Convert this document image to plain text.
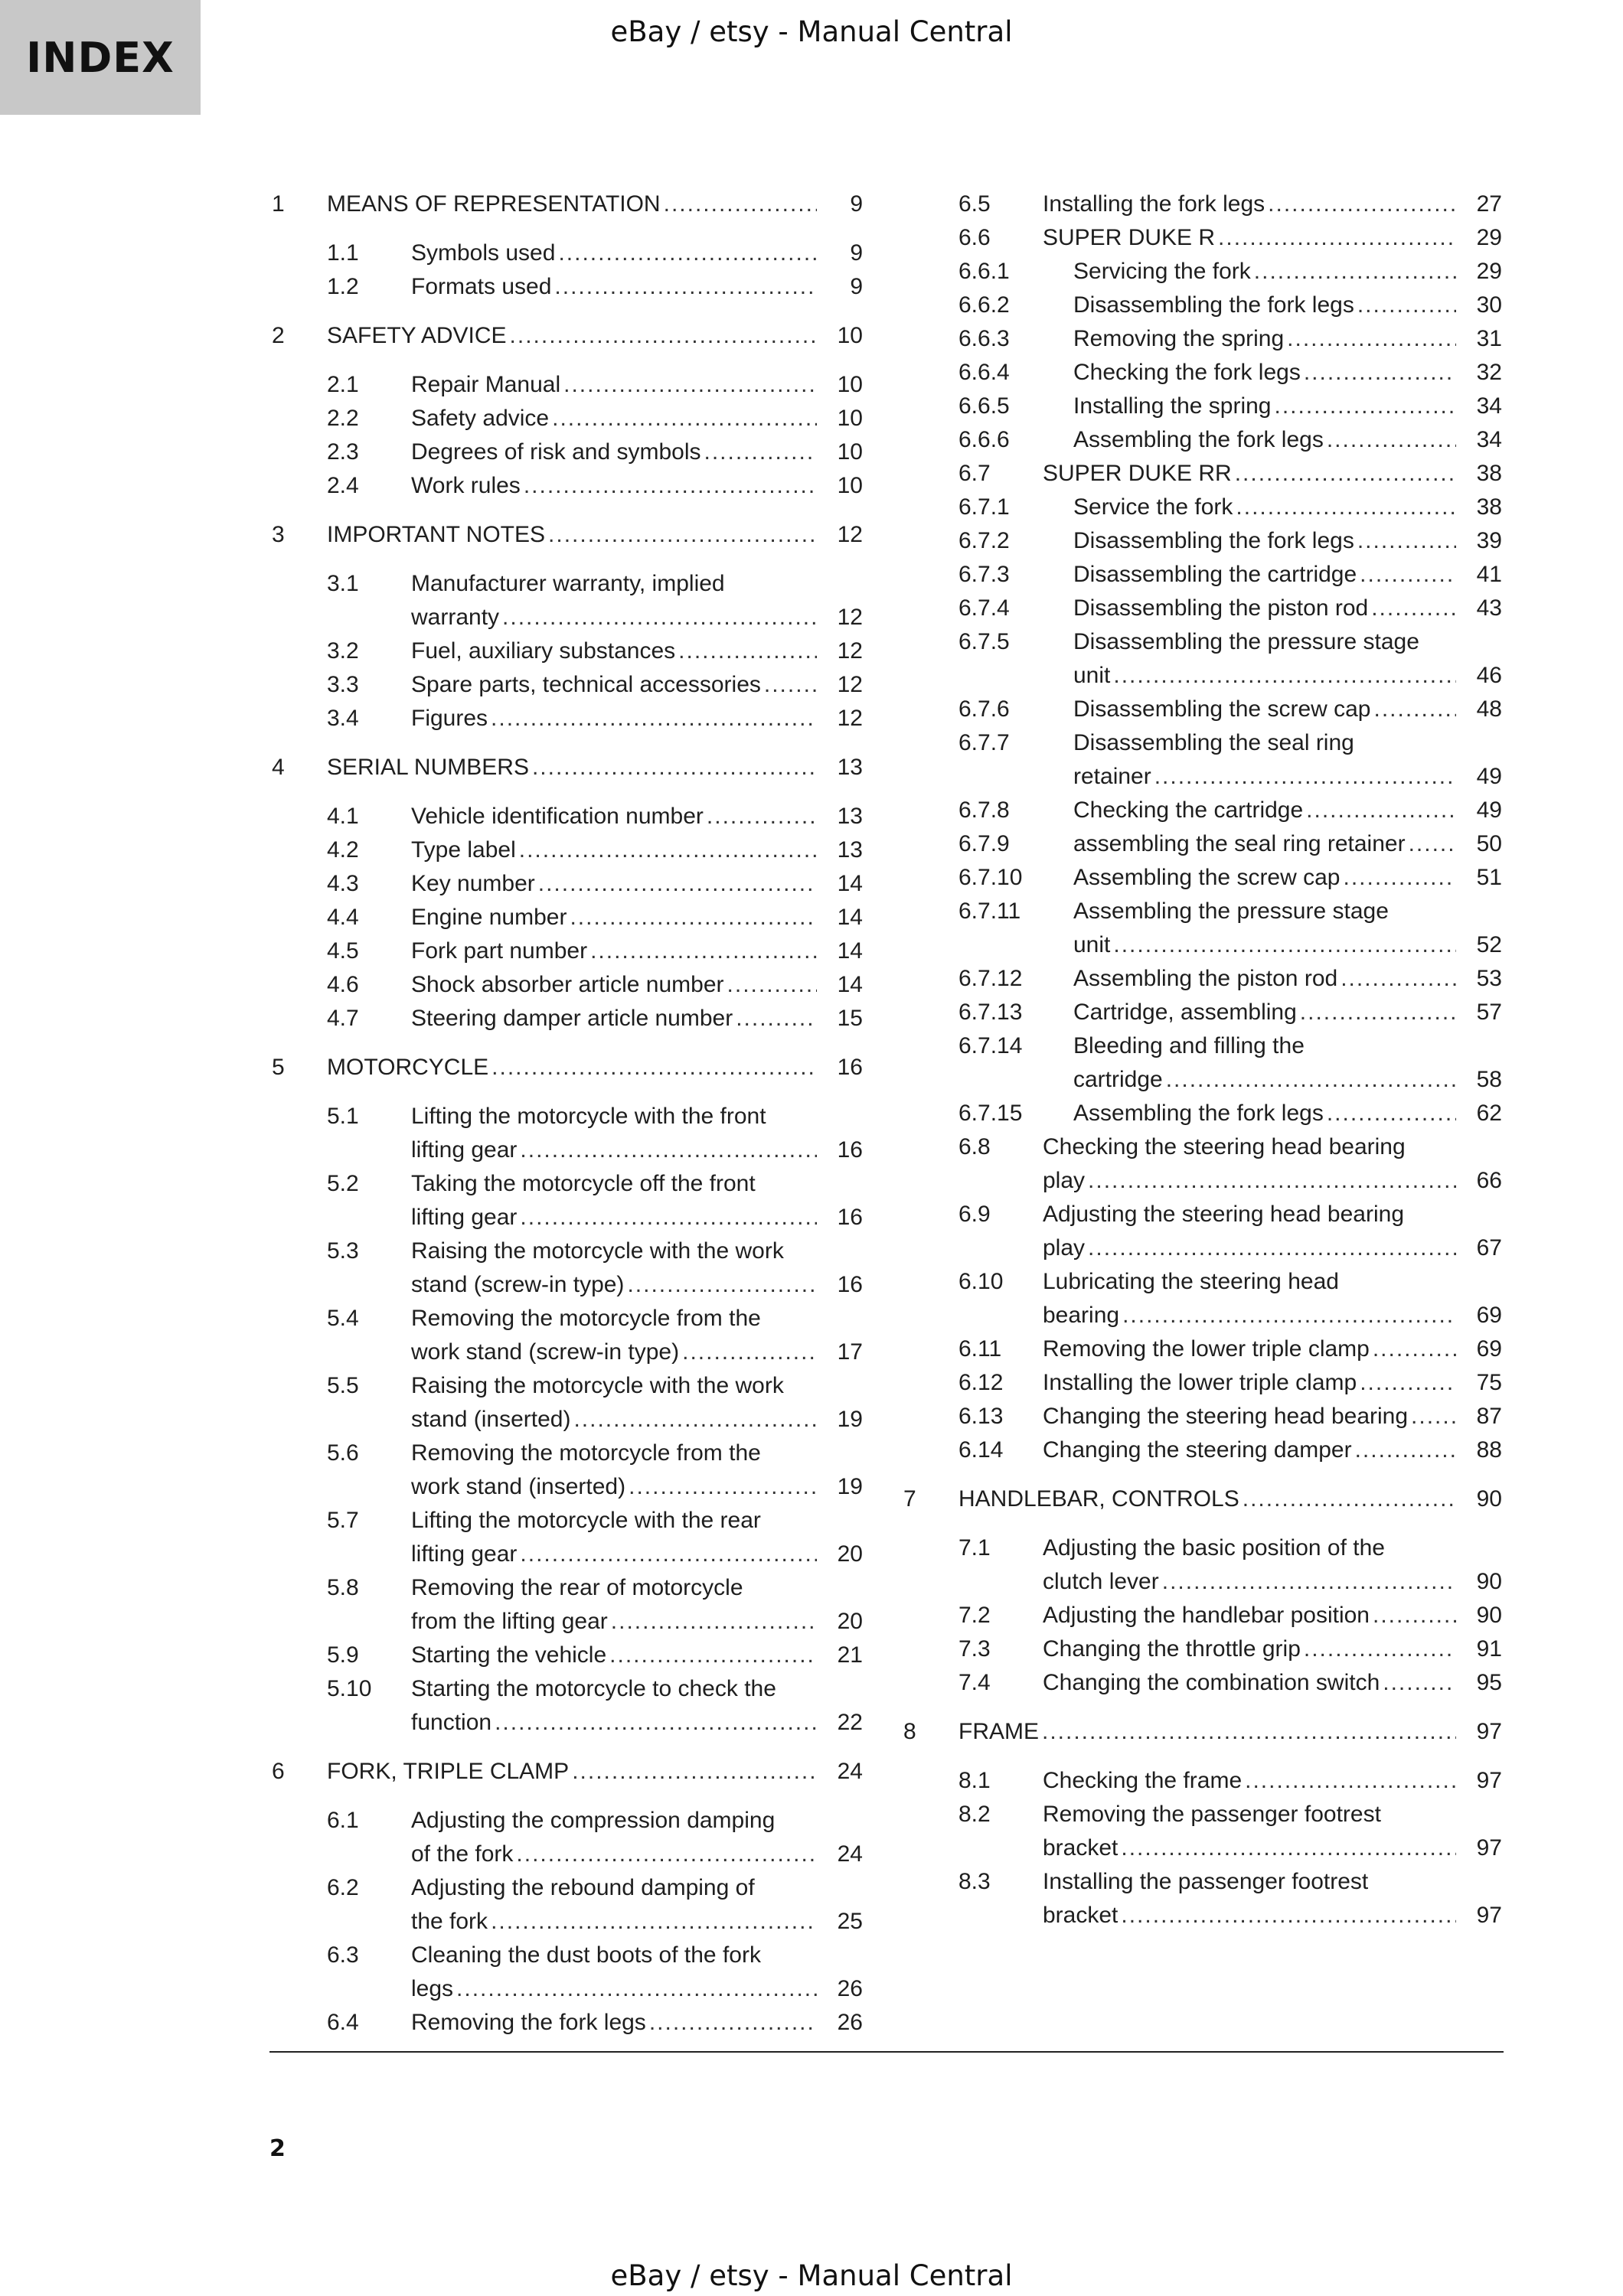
INDEX
eBay / etsy - Manual Central
1 MEANS OF REPRESENTATION .....	9
1.1 Symbols used .....	9
1.2 Formats used .....	9
2 SAFETY ADVICE .....	10
2.1 Repair Manual .....	10
2.2 Safety advice .....	10
2.3 Degrees of risk and symbols .....	10
2.4 Work rules .....	10
3 IMPORTANT NOTES .....	12
3.1 Manufacturer warranty, implied
warranty .....	12
3.2 Fuel, auxiliary substances .....	12
3.3 Spare parts, technical accessories .....	12
3.4 Figures .....	12
4 SERIAL NUMBERS .....	13
4.1 Vehicle identification number .....	13
4.2 Type label .....	13
4.3 Key number .....	14
4.4 Engine number .....	14
4.5 Fork part number .....	14
4.6 Shock absorber article number .....	14
4.7 Steering damper article number .....	15
5 MOTORCYCLE .....	16
5.1 Lifting the motorcycle with the front
lifting gear .....	16
5.2 Taking the motorcycle off the front
lifting gear .....	16
5.3 Raising the motorcycle with the work
stand (screw-in type) .....	16
5.4 Removing the motorcycle from the
work stand (screw-in type) .....	17
5.5 Raising the motorcycle with the work
stand (inserted) .....	19
5.6 Removing the motorcycle from the
work stand (inserted) .....	19
5.7 Lifting the motorcycle with the rear
lifting gear .....	20
5.8 Removing the rear of motorcycle
from the lifting gear .....	20
5.9 Starting the vehicle .....	21
5.10 Starting the motorcycle to check the
function .....	22
6 FORK, TRIPLE CLAMP .....	24
6.1 Adjusting the compression damping
of the fork .....	24
6.2 Adjusting the rebound damping of
the fork .....	25
6.3 Cleaning the dust boots of the fork
legs .....	26
6.4 Removing the fork legs .....	26
6.5 Installing the fork legs .....	27
6.6 SUPER DUKE R .....	29
6.6.1	Servicing the fork .....	29
6.6.2	Disassembling the fork legs .....	30
6.6.3	Removing the spring .....	31
6.6.4	Checking the fork legs .....	32
6.6.5	Installing the spring .....	34
6.6.6	Assembling the fork legs .....	34
6.7 SUPER DUKE RR .....	38
6.7.1	Service the fork .....	38
6.7.2	Disassembling the fork legs .....	39
6.7.3	Disassembling the cartridge .....	41
6.7.4	Disassembling the piston rod .....	43
6.7.5	Disassembling the pressure stage
unit .....	46
6.7.6	Disassembling the screw cap .....	48
6.7.7	Disassembling the seal ring
retainer .....	49
6.7.8	Checking the cartridge .....	49
6.7.9	assembling the seal ring retainer .....	50
6.7.10 Assembling the screw cap .....	51
6.7.11 Assembling the pressure stage
unit .....	52
6.7.12 Assembling the piston rod .....	53
6.7.13 Cartridge, assembling .....	57
6.7.14 Bleeding and filling the
cartridge .....	58
6.7.15 Assembling the fork legs .....	62
6.8 Checking the steering head bearing
play .....	66
6.9 Adjusting the steering head bearing
play .....	67
6.10 Lubricating the steering head
bearing .....	69
6.11 Removing the lower triple clamp .....	69
6.12 Installing the lower triple clamp .....	75
6.13 Changing the steering head bearing .....	87
6.14 Changing the steering damper .....	88
7 HANDLEBAR, CONTROLS .....	90
7.1 Adjusting the basic position of the
clutch lever .....	90
7.2 Adjusting the handlebar position .....	90
7.3 Changing the throttle grip .....	91
7.4 Changing the combination switch .....	95
8 FRAME .....	97
8.1 Checking the frame .....	97
8.2 Removing the passenger footrest
bracket .....	97
8.3 Installing the passenger footrest
bracket .....	97
2
eBay / etsy - Manual Central
